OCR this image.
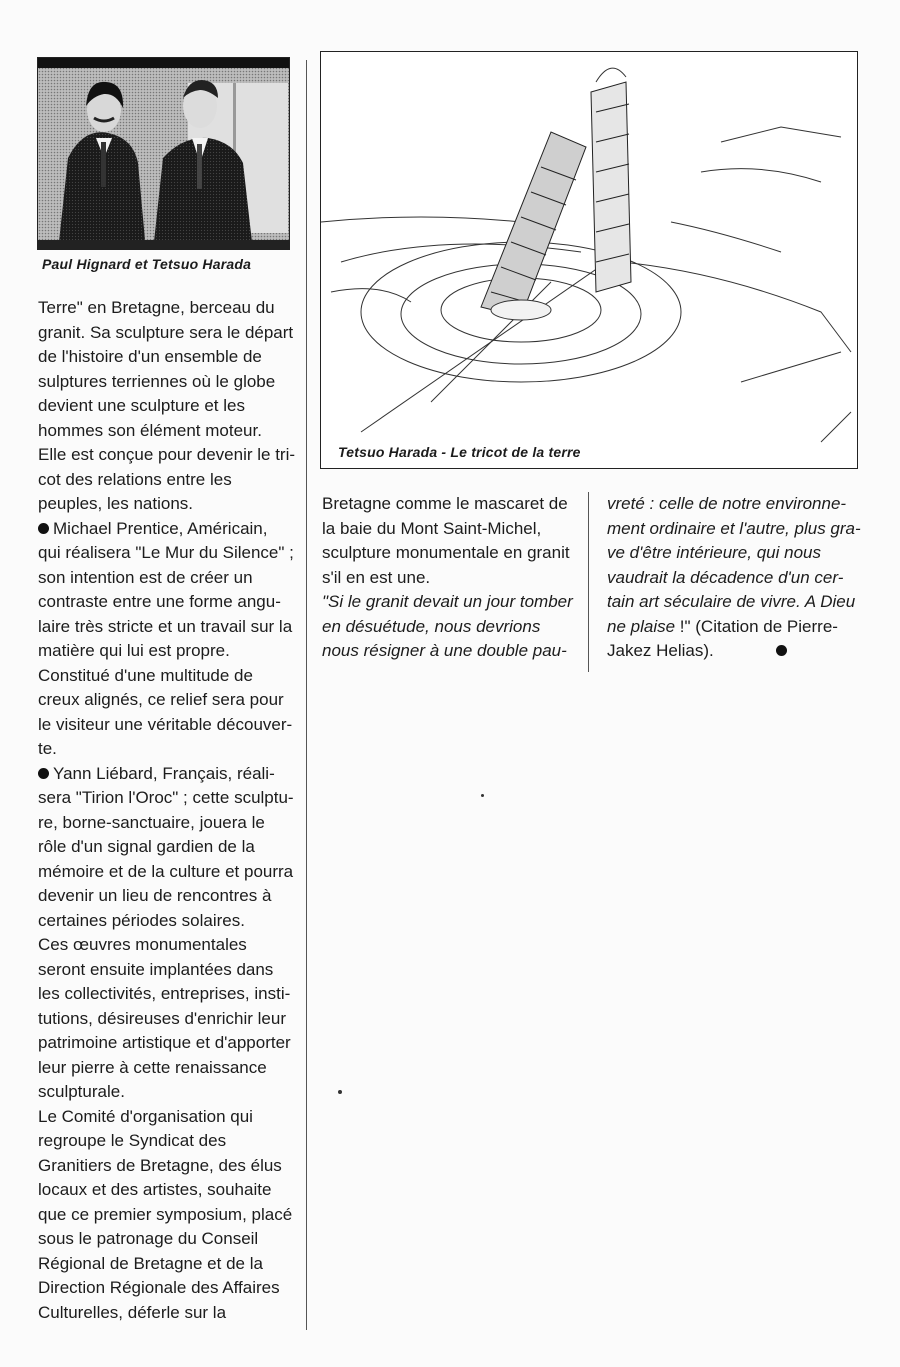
Paul Hignard et Tetsuo Harada
Tetsuo Harada - Le tricot de la terre
Terre" en Bretagne, berceau du
granit. Sa sculpture sera le départ
de l'histoire d'un ensemble de
sulptures terriennes où le globe
devient une sculpture et les
hommes son élément moteur.
Elle est conçue pour devenir le tri-
cot des relations entre les
peuples, les nations.
Michael Prentice, Américain,
qui réalisera "Le Mur du Silence" ;
son intention est de créer un
contraste entre une forme angu-
laire très stricte et un travail sur la
matière qui lui est propre.
Constitué d'une multitude de
creux alignés, ce relief sera pour
le visiteur une véritable découver-
te.
Yann Liébard, Français, réali-
sera "Tirion l'Oroc" ; cette sculptu-
re, borne-sanctuaire, jouera le
rôle d'un signal gardien de la
mémoire et de la culture et pourra
devenir un lieu de rencontres à
certaines périodes solaires.
Ces œuvres monumentales
seront ensuite implantées dans
les collectivités, entreprises, insti-
tutions, désireuses d'enrichir leur
patrimoine artistique et d'apporter
leur pierre à cette renaissance
sculpturale.
Le Comité d'organisation qui
regroupe le Syndicat des
Granitiers de Bretagne, des élus
locaux et des artistes, souhaite
que ce premier symposium, placé
sous le patronage du Conseil
Régional de Bretagne et de la
Direction Régionale des Affaires
Culturelles, déferle sur la
Bretagne comme le mascaret de
la baie du Mont Saint-Michel,
sculpture monumentale en granit
s'il en est une.
"Si le granit devait un jour tomber
en désuétude, nous devrions
nous résigner à une double pau-
vreté : celle de notre environne-
ment ordinaire et l'autre, plus gra-
ve d'être intérieure, qui nous
vaudrait la décadence d'un cer-
tain art séculaire de vivre. A Dieu
ne plaise !" (Citation de Pierre-
Jakez Helias).
